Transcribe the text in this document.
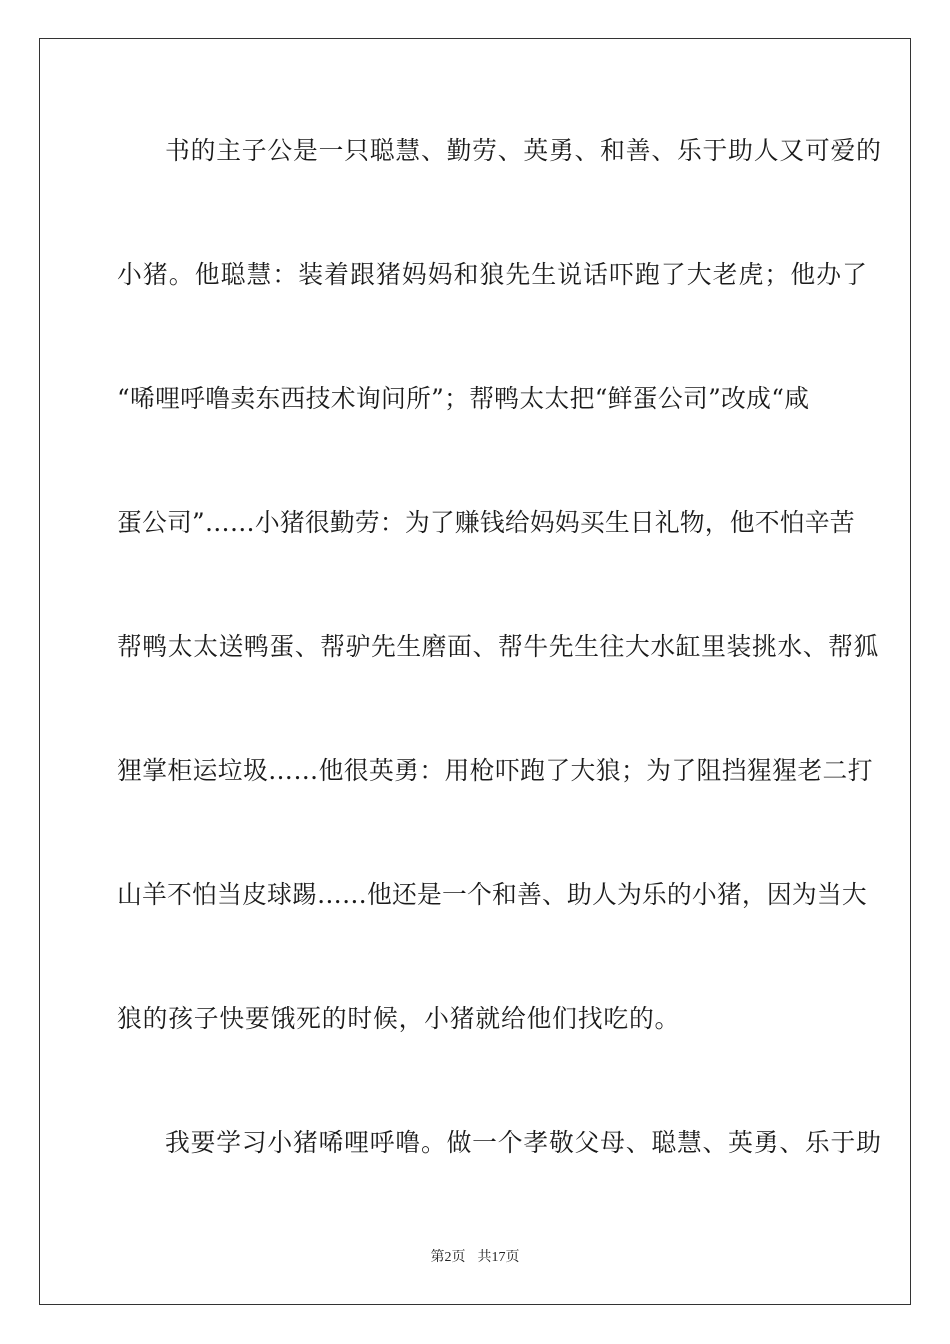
书的主子公是一只聪慧、勤劳、英勇、和善、乐于助人又可爱的
小猪。他聪慧：装着跟猪妈妈和狼先生说话吓跑了大老虎；他办了
“唏哩呼噜卖东西技术询问所”；帮鸭太太把“鲜蛋公司”改成“咸
蛋公司”……小猪很勤劳：为了赚钱给妈妈买生日礼物，他不怕辛苦
帮鸭太太送鸭蛋、帮驴先生磨面、帮牛先生往大水缸里装挑水、帮狐
狸掌柜运垃圾……他很英勇：用枪吓跑了大狼；为了阻挡猩猩老二打
山羊不怕当皮球踢……他还是一个和善、助人为乐的小猪，因为当大
狼的孩子快要饿死的时候，小猪就给他们找吃的。
我要学习小猪唏哩呼噜。做一个孝敬父母、聪慧、英勇、乐于助
第2页 共17页
